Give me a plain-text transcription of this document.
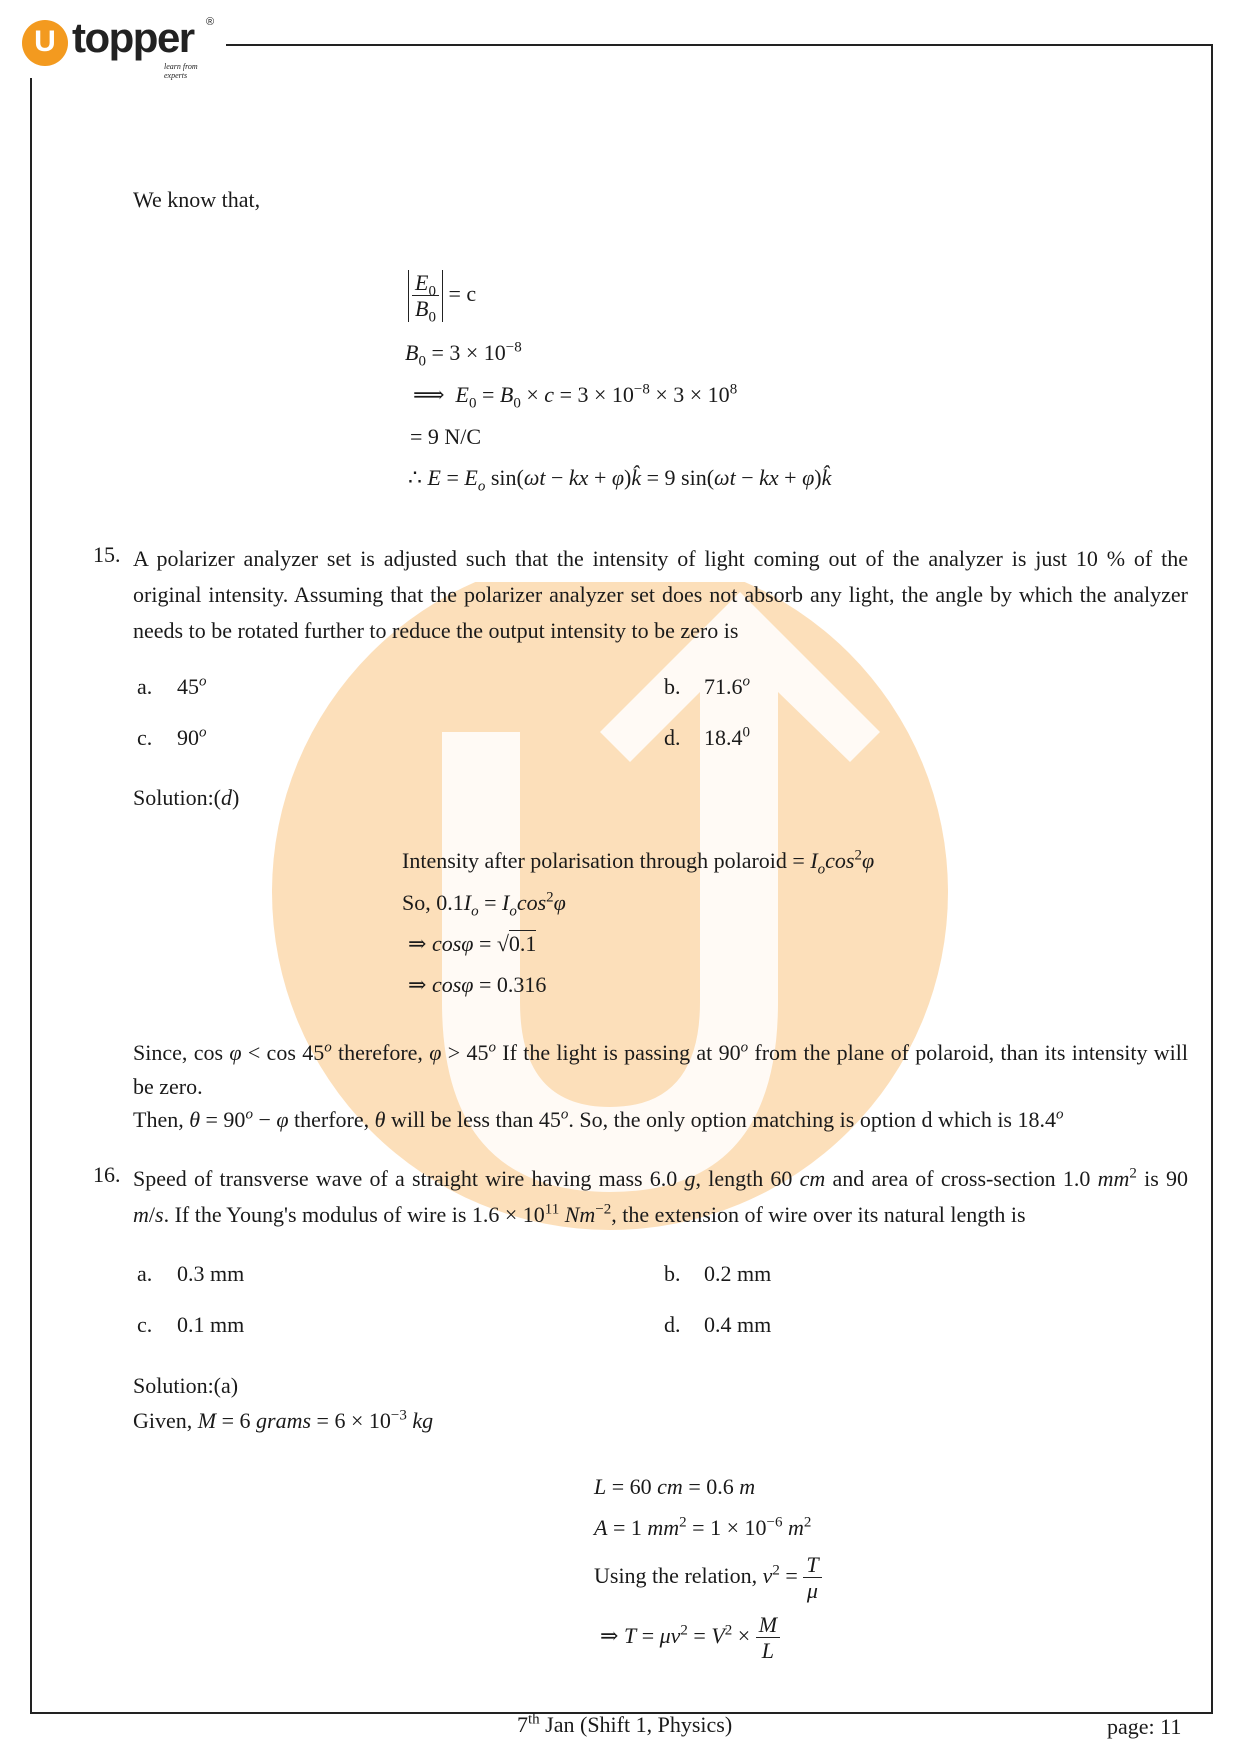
U topper ®
learn from experts
We know that,
$\frac{E_0}{B_0} = c$
$B_0 = 3 \times 10^{-8}$
⟹  $E_0 = B_0 \times c = 3 \times 10^{-8} \times 3 \times 10^8$
= 9 N/C
∴ $E = E_o$ sin(ωt − kx + φ)k̂ = 9 sin(ωt − kx + φ)k̂
15. A polarizer analyzer set is adjusted such that the intensity of light coming out of the analyzer is just 10 % of the original intensity. Assuming that the polarizer analyzer set does not absorb any light, the angle by which the analyzer needs to be rotated further to reduce the output intensity to be zero is
a. 45$^o$	b. 71.6$^o$
c. 90$^o$	d. 18.4$^0$
Solution:(d)
Intensity after polarisation through polaroid = $I_o\cos^2\varphi$
So, $0.1I_o = I_o\cos^2\varphi$
⇒ cosφ = √0.1
⇒ cosφ = 0.316
Since, cos φ < cos 45$^o$ therefore, $\varphi > 45^o$ If the light is passing at 90$^o$ from the plane of polaroid, than its intensity will be zero.
Then, $\theta = 90^o - \varphi$ therfore, θ will be less than 45$^o$. So, the only option matching is option d which is 18.4$^o$
16. Speed of transverse wave of a straight wire having mass 6.0 g, length 60 cm and area of cross-section 1.0 $mm^2$ is 90 m/s. If the Young's modulus of wire is $1.6 \times 10^{11}$ $Nm^{-2}$, the extension of wire over its natural length is
a. 0.3 mm	b. 0.2 mm
c. 0.1 mm	d. 0.4 mm
Solution:(a)
Given, M = 6 grams = $6 \times 10^{-3}$ kg
L = 60 cm = 0.6 m
A = 1 $mm^2 = 1 \times 10^{-6}$ $m^2$
Using the relation, $v^2 = \frac{T}{\mu}$
⇒ $T = \mu v^2 = V^2 \times \frac{M}{L}$
7th Jan (Shift 1, Physics)	page: 11
